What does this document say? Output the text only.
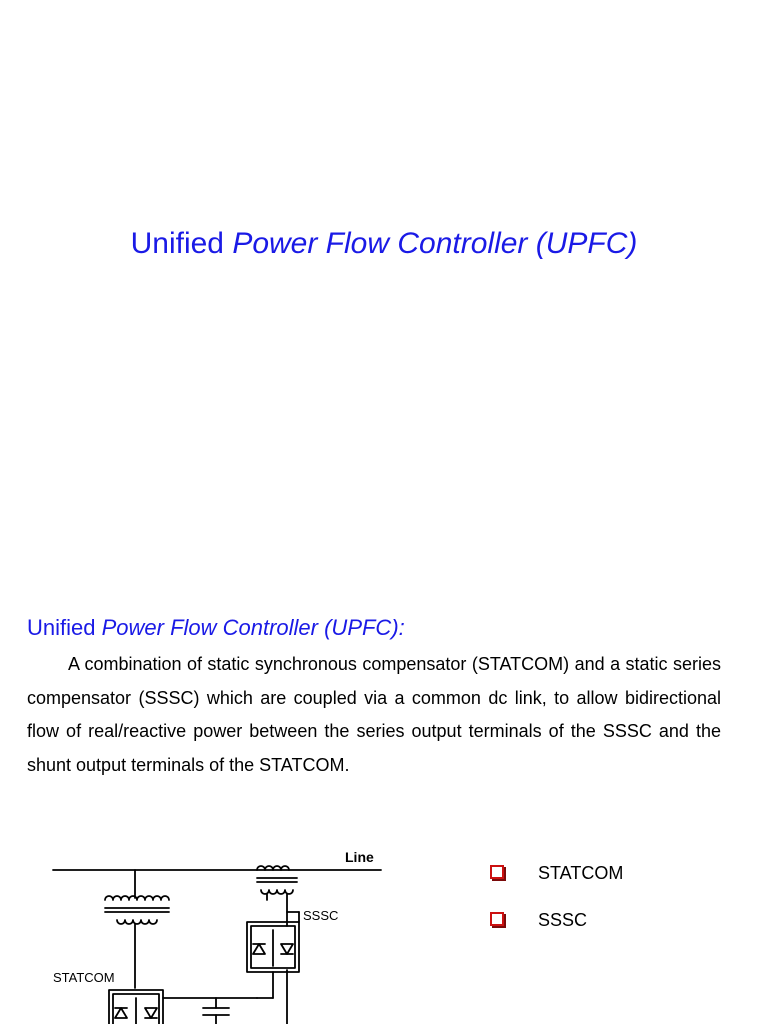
Unified Power Flow Controller (UPFC)
Unified Power Flow Controller (UPFC):

A combination of static synchronous compensator (STATCOM) and a static series compensator (SSSC) which are coupled via a common dc link, to allow bidirectional flow of real/reactive power between the series output terminals of the SSSC and the shunt output terminals of the STATCOM.

Line
SSSC
STATCOM
STATCOM
SSSC
